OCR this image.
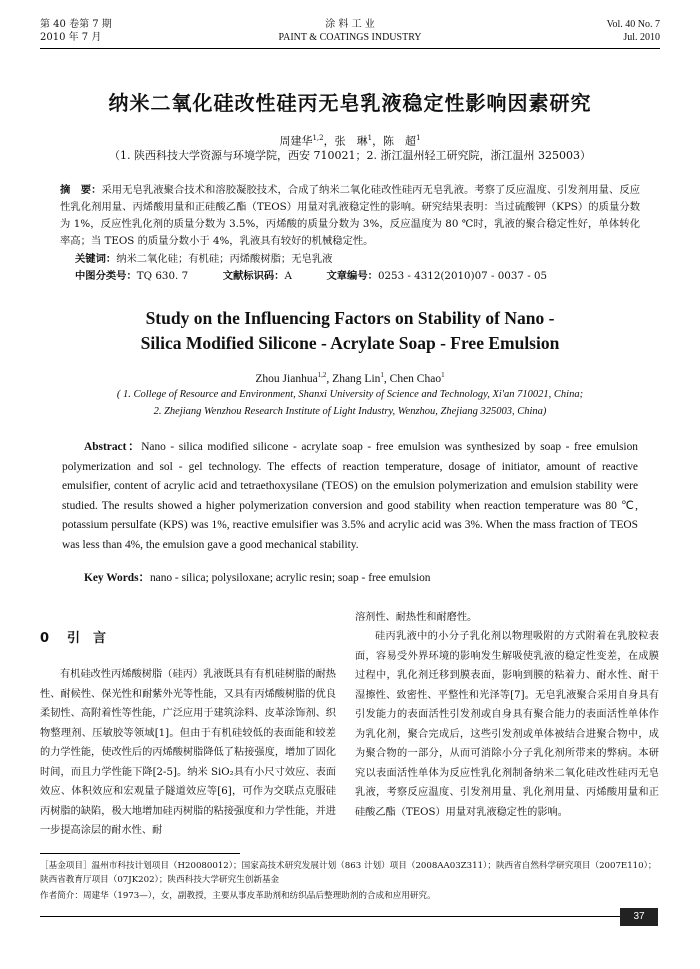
第 40 卷第 7 期
2010 年 7 月
涂 料 工 业
PAINT & COATINGS INDUSTRY
Vol. 40 No. 7
Jul. 2010
纳米二氧化硅改性硅丙无皂乳液稳定性影响因素研究
周建华$^{1,2}$，张　琳$^1$，陈　超$^1$
（1. 陕西科技大学资源与环境学院，西安 710021；2. 浙江温州轻工研究院，浙江温州 325003）
摘　要：采用无皂乳液聚合技术和溶胶凝胶技术，合成了纳米二氧化硅改性硅丙无皂乳液。考察了反应温度、引发剂用量、反应性乳化剂用量、丙烯酸用量和正硅酸乙酯（TEOS）用量对乳液稳定性的影响。研究结果表明：当过硫酸钾（KPS）的质量分数为 1%，反应性乳化剂的质量分数为 3.5%，丙烯酸的质量分数为 3%，反应温度为 80 ℃时，乳液的聚合稳定性好，单体转化率高；当 TEOS 的质量分数小于 4%，乳液具有较好的机械稳定性。
关键词：纳米二氧化硅；有机硅；丙烯酸树脂；无皂乳液
中图分类号：TQ 630. 7	文献标识码：A	文章编号：0253 - 4312(2010)07 - 0037 - 05
Study on the Influencing Factors on Stability of Nano -
Silica Modified Silicone - Acrylate Soap - Free Emulsion
Zhou Jianhua$^{1,2}$, Zhang Lin$^1$, Chen Chao$^1$
( 1. College of Resource and Environment, Shanxi University of Science and Technology, Xi'an 710021, China;
2. Zhejiang Wenzhou Research Institute of Light Industry, Wenzhou, Zhejiang 325003, China)
Abstract：Nano - silica modified silicone - acrylate soap - free emulsion was synthesized by soap - free emulsion polymerization and sol - gel technology. The effects of reaction temperature, dosage of initiator, amount of reactive emulsifier, content of acrylic acid and tetraethoxysilane (TEOS) on the emulsion polymerization and emulsion stability were studied. The results showed a higher polymerization conversion and good stability when reaction temperature was 80 ℃, potassium persulfate (KPS) was 1%, reactive emulsifier was 3.5% and acrylic acid was 3%. When the mass fraction of TEOS was less than 4%, the emulsion gave a good mechanical stability.
Key Words：nano - silica; polysiloxane; acrylic resin; soap - free emulsion
0 引　言
有机硅改性丙烯酸树脂（硅丙）乳液既具有有机硅树脂的耐热性、耐候性、保光性和耐紫外光等性能，又具有丙烯酸树脂的优良柔韧性、高附着性等性能，广泛应用于建筑涂料、皮革涂饰剂、织物整理剂、压敏胶等领域[1]。但由于有机硅较低的表面能和较差的力学性能，使改性后的丙烯酸树脂降低了粘接强度，增加了固化时间，而且力学性能下降[2-5]。纳米 SiO₂具有小尺寸效应、表面效应、体积效应和宏观量子隧道效应等[6]，可作为交联点克服硅丙树脂的缺陷，极大地增加硅丙树脂的粘接强度和力学性能，并进一步提高涂层的耐水性、耐
溶剂性、耐热性和耐磨性。
硅丙乳液中的小分子乳化剂以物理吸附的方式附着在乳胶粒表面，容易受外界环境的影响发生解吸使乳液的稳定性变差，在成膜过程中，乳化剂迁移到膜表面，影响到膜的粘着力、耐水性、耐干湿擦性、致密性、平整性和光泽等[7]。无皂乳液聚合采用自身具有引发能力的表面活性引发剂或自身具有聚合能力的表面活性单体作为乳化剂，聚合完成后，这些引发剂或单体被结合进聚合物中，成为聚合物的一部分，从而可消除小分子乳化剂所带来的弊病。本研究以表面活性单体为反应性乳化剂制备纳米二氧化硅改性硅丙无皂乳液，考察反应温度、引发剂用量、乳化剂用量、丙烯酸用量和正硅酸乙酯（TEOS）用量对乳液稳定性的影响。
［基金项目］温州市科技计划项目（H20080012）；国家高技术研究发展计划（863 计划）项目（2008AA03Z311）；陕西省自然科学研究项目（2007E110）；陕西省教育厅项目（07JK202）；陕西科技大学研究生创新基金
作者简介：周建华（1973—），女，副教授，主要从事皮革助剂和纺织品后整理助剂的合成和应用研究。
37
